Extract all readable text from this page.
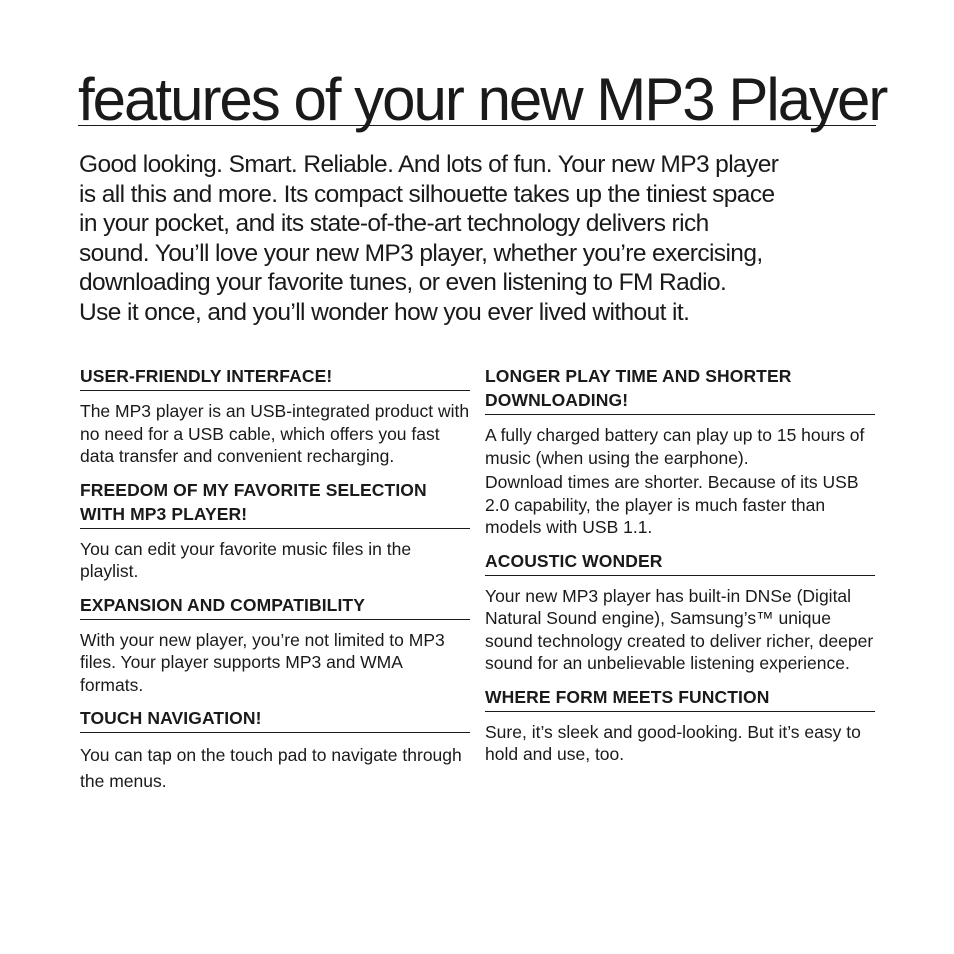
features of your new MP3 Player

Good looking. Smart. Reliable. And lots of fun. Your new MP3 player

is all this and more. Its compact silhouette takes up the tiniest space

in your pocket, and its state-of-the-art technology delivers rich

sound. You’ll love your new MP3 player, whether you’re exercising,

downloading your favorite tunes, or even listening to FM Radio.

Use it once, and you’ll wonder how you ever lived without it.

USER-FRIENDLY INTERFACE!

The MP3 player is an USB-integrated product with no need for a USB cable, which offers you fast data transfer and convenient recharging.

FREEDOM OF MY FAVORITE SELECTION WITH MP3 PLAYER!

You can edit your favorite music files in the playlist.

EXPANSION AND COMPATIBILITY

With your new player, you’re not limited to MP3 files. Your player supports MP3 and WMA formats.

TOUCH NAVIGATION!

You can tap on the touch pad to navigate through the menus.

LONGER PLAY TIME AND SHORTER DOWNLOADING!

A fully charged battery can play up to 15 hours of music (when using the earphone).

Download times are shorter. Because of its USB 2.0 capability, the player is much faster than models with USB 1.1.

ACOUSTIC WONDER

Your new MP3 player has built-in DNSe (Digital Natural Sound engine), Samsung’s™ unique sound technology created to deliver richer, deeper sound for an unbelievable listening experience.

WHERE FORM MEETS FUNCTION

Sure, it’s sleek and good-looking. But it’s easy to hold and use, too.
